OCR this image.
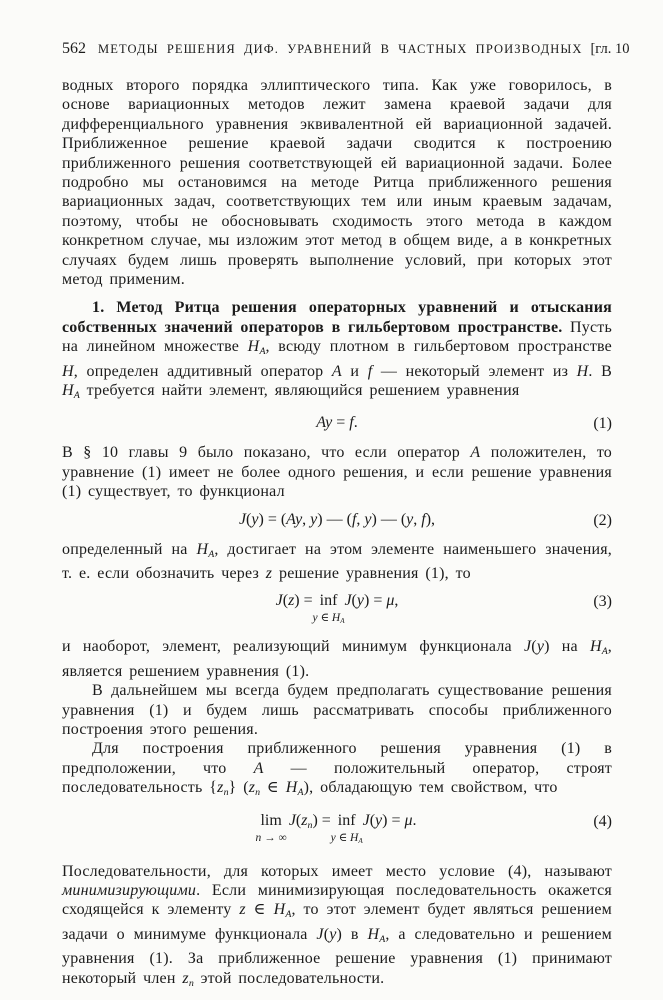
562 МЕТОДЫ РЕШЕНИЯ ДИФ. УРАВНЕНИЙ В ЧАСТНЫХ ПРОИЗВОДНЫХ [гл. 10

водных второго порядка эллиптического типа. Как уже говорилось, в основе вариационных методов лежит замена краевой задачи для дифференциального уравнения эквивалентной ей вариационной задачей. Приближенное решение краевой задачи сводится к построению приближенного решения соответствующей ей вариационной задачи. Более подробно мы остановимся на методе Ритца приближенного решения вариационных задач, соответствующих тем или иным краевым задачам, поэтому, чтобы не обосновывать сходимость этого метода в каждом конкретном случае, мы изложим этот метод в общем виде, а в конкретных случаях будем лишь проверять выполнение условий, при которых этот метод применим.

1. Метод Ритца решения операторных уравнений и отыскания собственных значений операторов в гильбертовом пространстве. Пусть на линейном множестве HA, всюду плотном в гильбертовом пространстве H, определен аддитивный оператор A и f — некоторый элемент из H. В HA требуется найти элемент, являющийся решением уравнения

Ay = f.	(1)

В § 10 главы 9 было показано, что если оператор A положителен, то уравнение (1) имеет не более одного решения, и если решение уравнения (1) существует, то функционал

J(y) = (Ay, y) — (f, y) — (y, f),	(2)

определенный на HA, достигает на этом элементе наименьшего значения, т. е. если обозначить через z решение уравнения (1), то

J(z) = inf
y ∈ HA
J(y) = μ,	(3)

и наоборот, элемент, реализующий минимум функционала J(y) на HA, является решением уравнения (1).

В дальнейшем мы всегда будем предполагать существование решения уравнения (1) и будем лишь рассматривать способы приближенного построения этого решения.

Для построения приближенного решения уравнения (1) в предположении, что A — положительный оператор, строят последовательность {zn} (zn ∈ HA), обладающую тем свойством, что

lim
n → ∞
J(zn) = inf
y ∈ HA
J(y) = μ.	(4)

Последовательности, для которых имеет место условие (4), называют минимизирующими. Если минимизирующая последовательность окажется сходящейся к элементу z ∈ HA, то этот элемент будет являться решением задачи о минимуме функционала J(y) в HA, а следовательно и решением уравнения (1). За приближенное решение уравнения (1) принимают некоторый член zn этой последовательности.
